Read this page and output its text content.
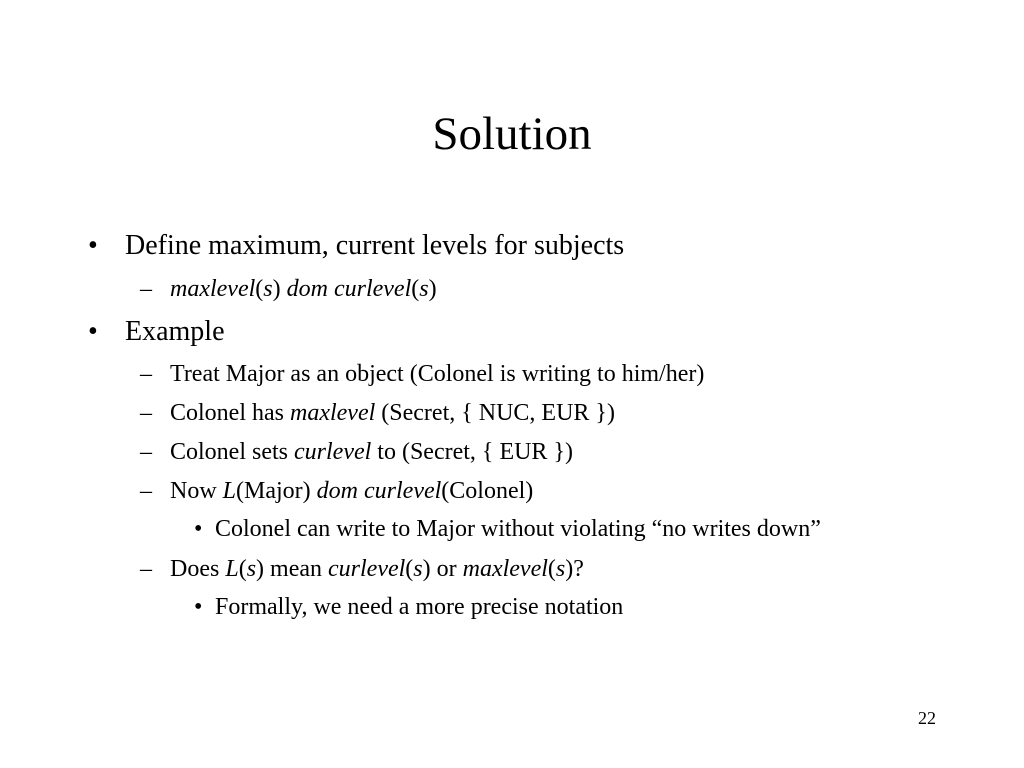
Solution
• Define maximum, current levels for subjects
– maxlevel(s) dom curlevel(s)
• Example
– Treat Major as an object (Colonel is writing to him/her)
– Colonel has maxlevel (Secret, { NUC, EUR })
– Colonel sets curlevel to (Secret, { EUR })
– Now L(Major) dom curlevel(Colonel)
• Colonel can write to Major without violating “no writes down”
– Does L(s) mean curlevel(s) or maxlevel(s)?
• Formally, we need a more precise notation
22
